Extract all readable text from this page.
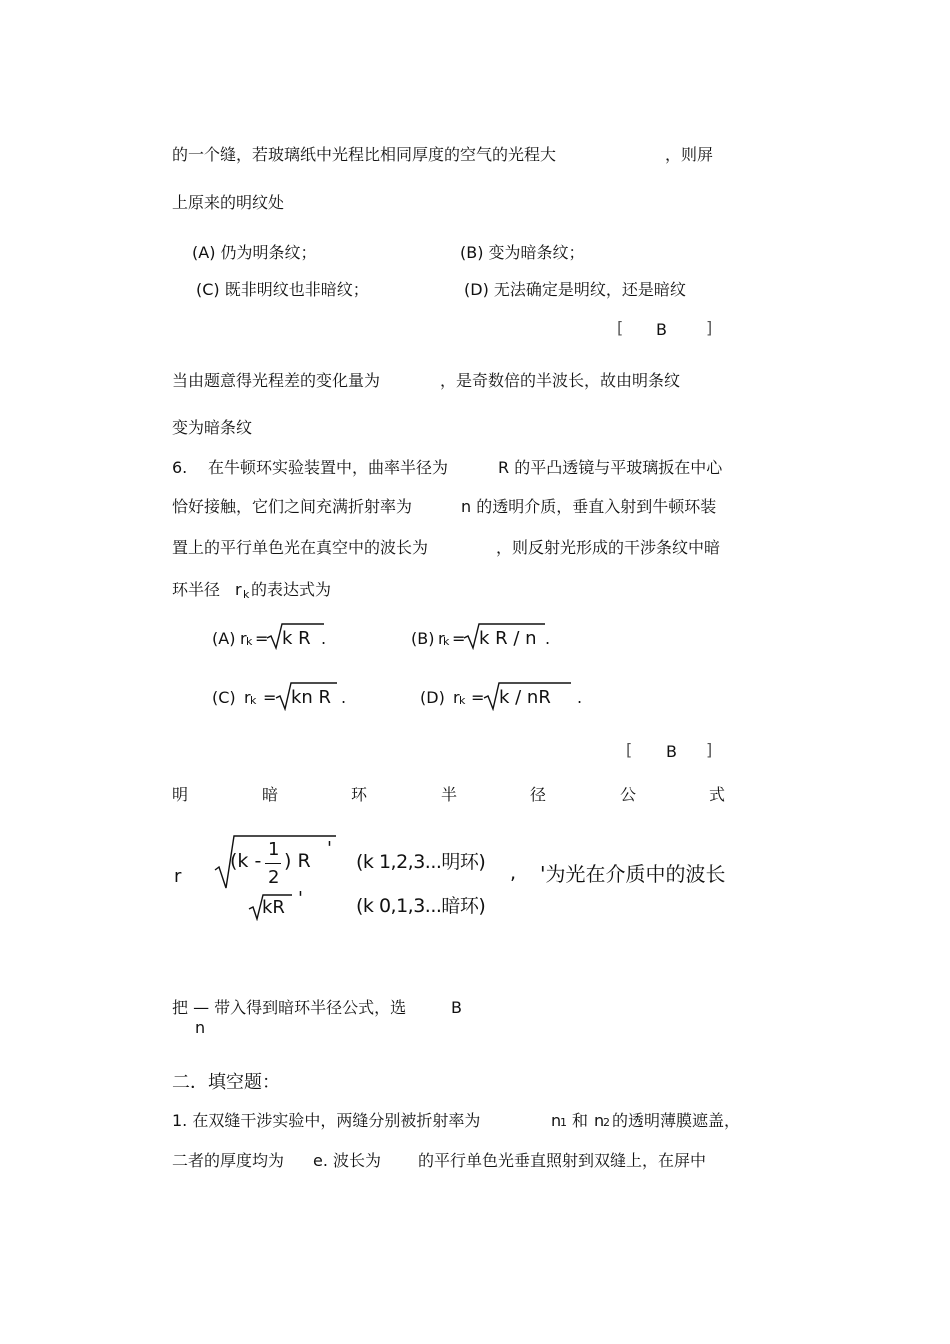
的一个缝，若玻璃纸中光程比相同厚度的空气的光程大	，则屏
上原来的明纹处
(A) 仍为明条纹；	(B) 变为暗条纹；
(C) 既非明纹也非暗纹；	(D) 无法确定是明纹，还是暗纹
[ B ]
当由题意得光程差的变化量为	，是奇数倍的半波长，故由明条纹
变为暗条纹
6. 在牛顿环实验装置中，曲率半径为	R 的平凸透镜与平玻璃扳在中心
恰好接触，它们之间充满折射率为	n 的透明介质，垂直入射到牛顿环装
置上的平行单色光在真空中的波长为	，则反射光形成的干涉条纹中暗
环半径 r k 的表达式为
(A) r k = k R .	(B) r
k = k R / n .
(C) r k = kn R .	(D) r k = k / nR .
[ B ]
明	暗	环	半	径	公	式
r
(k -
1
2
) R
'
kR '
(k 1,2,3...明环)
(k 0,1,3...暗环)
, '为光在介质中的波长
把 — 带入得到暗环半径公式，选	B
n
二．填空题：
1. 在双缝干涉实验中，两缝分别被折射率为	n
1 和 n
2 的透明薄膜遮盖，
二者的厚度均为 e. 波长为 的平行单色光垂直照射到双缝上，在屏中
